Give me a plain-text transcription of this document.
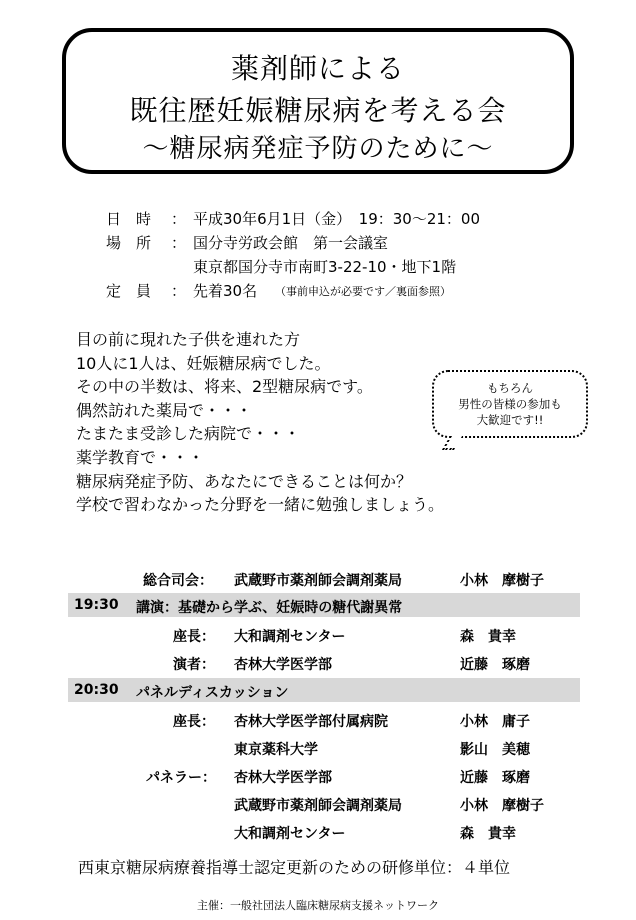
薬剤師による
既往歴妊娠糖尿病を考える会
～糖尿病発症予防のために～
日　時 ： 平成30年6月1日（金）　19：30～21：00
場　所 ： 国分寺労政会館　第一会議室
東京都国分寺市南町3-22-10・地下1階
定　員 ： 先着30名 （事前申込が必要です／裏面参照）
目の前に現れた子供を連れた方
10人に1人は、妊娠糖尿病でした。
その中の半数は、将来、2型糖尿病です。
偶然訪れた薬局で・・・
たまたま受診した病院で・・・
薬学教育で・・・
糖尿病発症予防、あなたにできることは何か？
学校で習わなかった分野を一緒に勉強しましょう。
もちろん
男性の皆様の参加も
大歓迎です!!
総合司会： 武蔵野市薬剤師会調剤薬局	小林　摩樹子
19:30 講演：基礎から学ぶ、妊娠時の糖代謝異常
座長： 大和調剤センター	森　貴幸
演者： 杏林大学医学部	近藤　琢磨
20:30 パネルディスカッション
座長： 杏林大学医学部付属病院	小林　庸子
東京薬科大学	影山　美穂
パネラー： 杏林大学医学部	近藤　琢磨
武蔵野市薬剤師会調剤薬局	小林　摩樹子
大和調剤センター	森　貴幸
西東京糖尿病療養指導士認定更新のための研修単位：４単位
主催：一般社団法人臨床糖尿病支援ネットワーク
